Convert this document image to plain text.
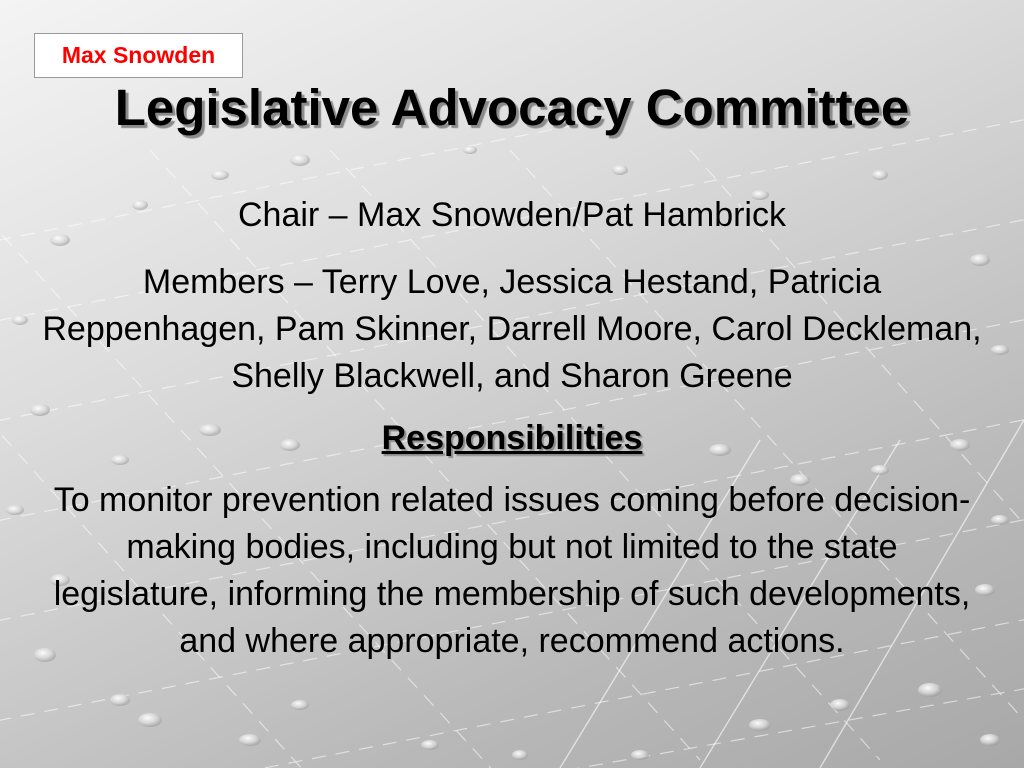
Max Snowden
Legislative Advocacy Committee

Chair – Max Snowden/Pat Hambrick

Members – Terry Love, Jessica Hestand, Patricia Reppenhagen, Pam Skinner, Darrell Moore, Carol Deckleman, Shelly Blackwell, and Sharon Greene

Responsibilities

To monitor prevention related issues coming before decision-making bodies, including but not limited to the state legislature, informing the membership of such developments, and where appropriate, recommend actions.
